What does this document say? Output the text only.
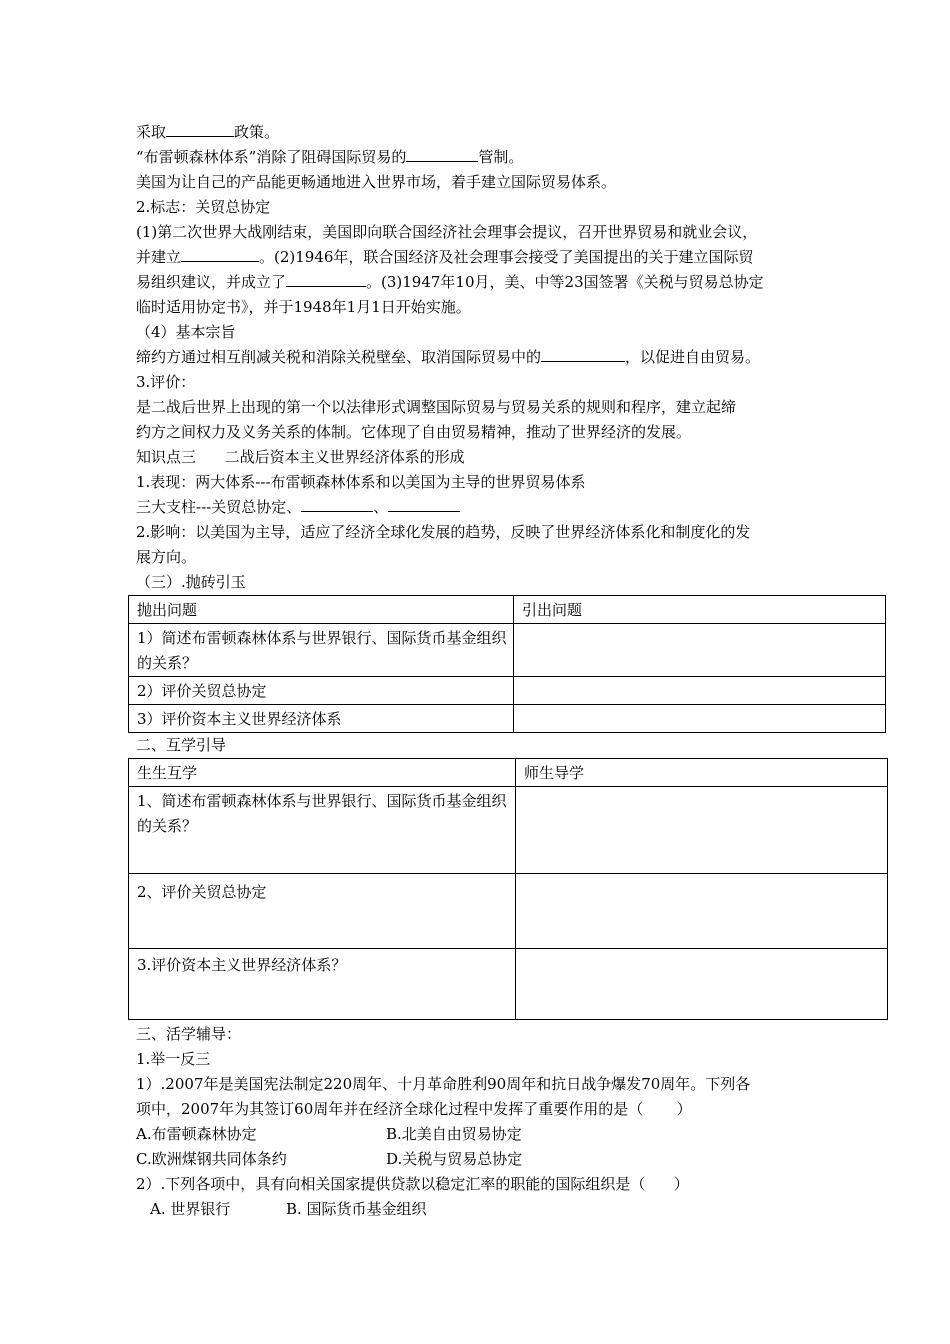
采取	政策。
“布雷顿森林体系”消除了阻碍国际贸易的	管制。
美国为让自己的产品能更畅通地进入世界市场，着手建立国际贸易体系。
2.标志：关贸总协定
(1)第二次世界大战刚结束，美国即向联合国经济社会理事会提议，召开世界贸易和就业会议，
并建立	。(2)1946年，联合国经济及社会理事会接受了美国提出的关于建立国际贸
易组织建议，并成立了	。(3)1947年10月，美、中等23国签署《关税与贸易总协定
临时适用协定书》，并于1948年1月1日开始实施。
（4）基本宗旨
缔约方通过相互削减关税和消除关税壁垒、取消国际贸易中的	，以促进自由贸易。
3.评价：
是二战后世界上出现的第一个以法律形式调整国际贸易与贸易关系的规则和程序，建立起缔
约方之间权力及义务关系的体制。它体现了自由贸易精神，推动了世界经济的发展。
知识点三      二战后资本主义世界经济体系的形成
1.表现：两大体系---布雷顿森林体系和以美国为主导的世界贸易体系
三大支柱---关贸总协定、	、
2.影响：以美国为主导，适应了经济全球化发展的趋势，反映了世界经济体系化和制度化的发
展方向。
（三）.抛砖引玉
抛出问题	引出问题
1）简述布雷顿森林体系与世界银行、国际货币基金组织的关系？	
2）评价关贸总协定	
3）评价资本主义世界经济体系	
二、互学引导
生生互学	师生导学
1、简述布雷顿森林体系与世界银行、国际货币基金组织的关系？	
2、评价关贸总协定	
3.评价资本主义世界经济体系？	
三、活学辅导：
1.举一反三
1）.2007年是美国宪法制定220周年、十月革命胜利90周年和抗日战争爆发70周年。下列各
项中，2007年为其签订60周年并在经济全球化过程中发挥了重要作用的是（       ）
A.布雷顿森林协定	B.北美自由贸易协定
C.欧洲煤钢共同体条约	D.关税与贸易总协定
2）.下列各项中，具有向相关国家提供贷款以稳定汇率的职能的国际组织是（      ）
A. 世界银行	B. 国际货币基金组织
